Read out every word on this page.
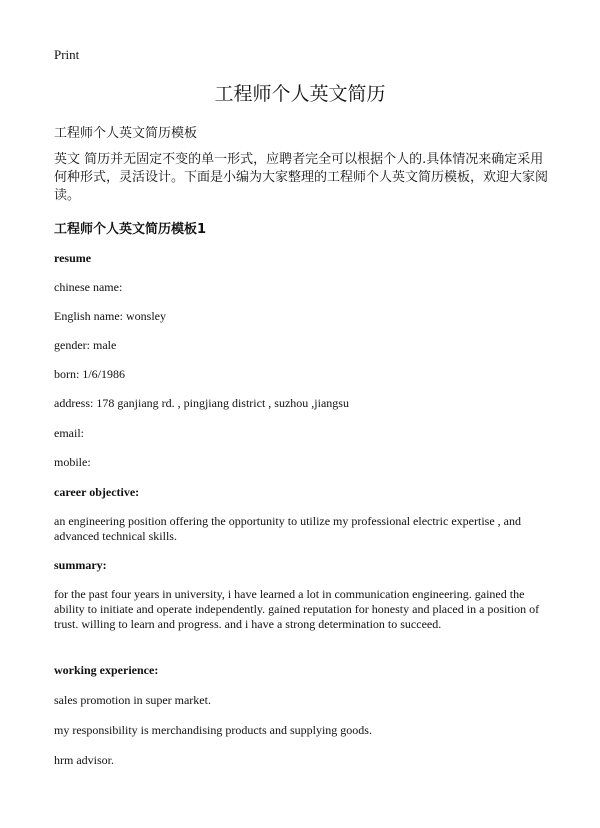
Print
工程师个人英文简历
工程师个人英文简历模板

英文 简历并无固定不变的单一形式，应聘者完全可以根据个人的.具体情况来确定采用何种形式，灵活设计。下面是小编为大家整理的工程师个人英文简历模板，欢迎大家阅读。

工程师个人英文简历模板1
resume
chinese name:
English name: wonsley
gender: male
born: 1/6/1986
address: 178 ganjiang rd. , pingjiang district , suzhou ,jiangsu
email:
mobile:
career objective:

an engineering position offering the opportunity to utilize my professional electric expertise , and advanced technical skills.

summary:

for the past four years in university, i have learned a lot in communication engineering. gained the ability to initiate and operate independently. gained reputation for honesty and placed in a position of trust. willing to learn and progress. and i have a strong determination to succeed.

working experience:
sales promotion in super market.
my responsibility is merchandising products and supplying goods.
hrm advisor.
